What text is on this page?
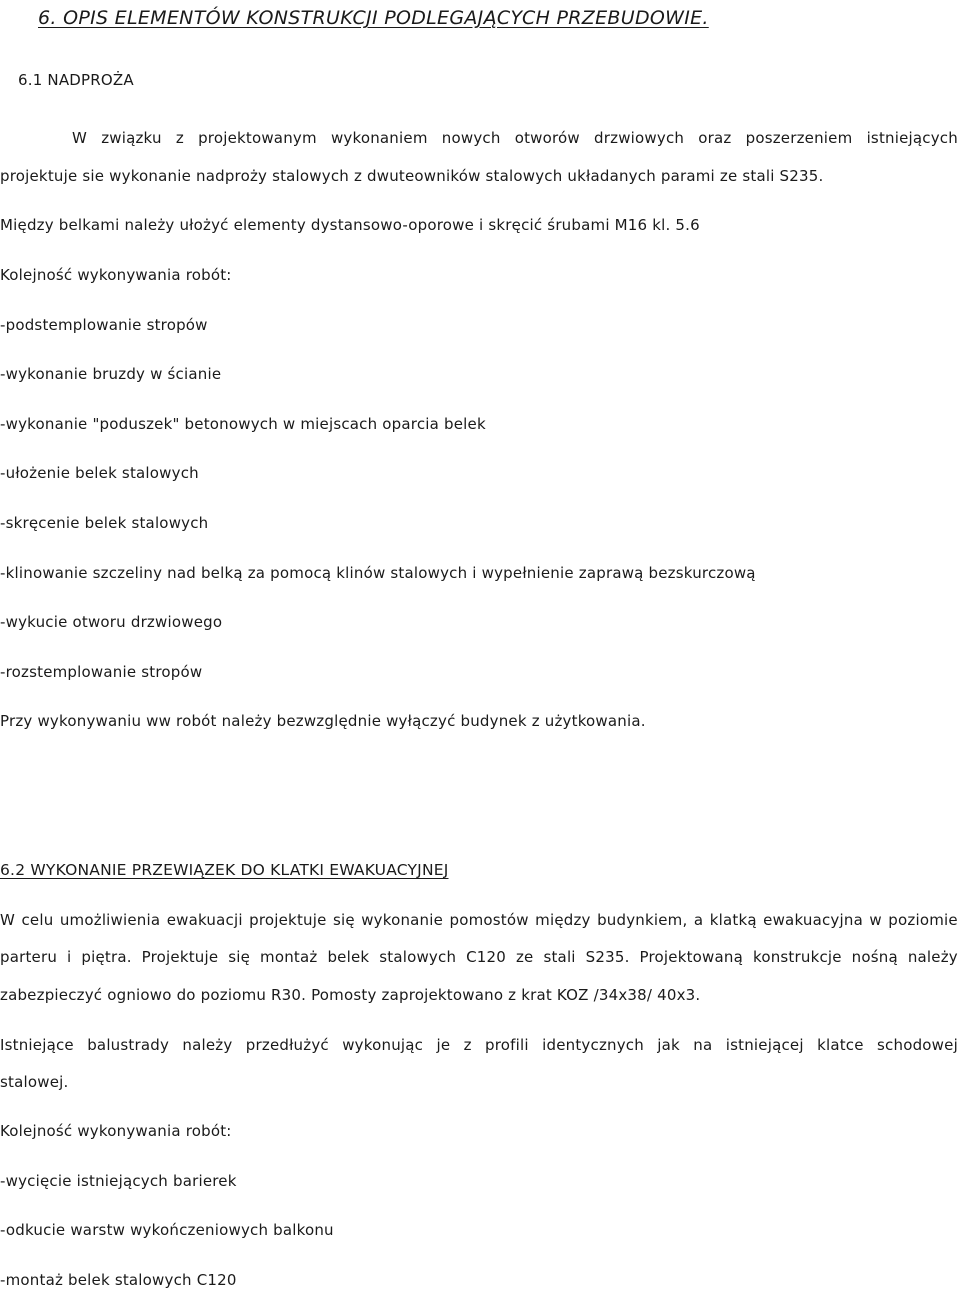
6. OPIS ELEMENTÓW KONSTRUKCJI PODLEGAJĄCYCH PRZEBUDOWIE.
6.1 NADPROŻA
W związku z projektowanym wykonaniem nowych otworów drzwiowych oraz poszerzeniem istniejących
projektuje sie wykonanie nadproży stalowych z dwuteowników stalowych układanych parami ze stali S235.
Między belkami należy ułożyć elementy dystansowo-oporowe i skręcić śrubami M16 kl. 5.6
Kolejność wykonywania robót:
-podstemplowanie stropów
-wykonanie bruzdy w ścianie
-wykonanie "poduszek" betonowych w miejscach oparcia belek
-ułożenie belek stalowych
-skręcenie belek stalowych
-klinowanie szczeliny nad belką za pomocą klinów stalowych i wypełnienie zaprawą bezskurczową
-wykucie otworu drzwiowego
-rozstemplowanie stropów
Przy wykonywaniu ww robót należy bezwzględnie wyłączyć budynek z użytkowania.
6.2 WYKONANIE PRZEWIĄZEK DO KLATKI EWAKUACYJNEJ
W celu umożliwienia ewakuacji projektuje się wykonanie pomostów między budynkiem, a klatką ewakuacyjna w poziomie
parteru i piętra. Projektuje się montaż belek stalowych C120 ze stali S235. Projektowaną konstrukcje nośną należy
zabezpieczyć ogniowo do poziomu R30. Pomosty zaprojektowano z krat KOZ /34x38/ 40x3.
Istniejące balustrady należy przedłużyć wykonując je z profili identycznych jak na istniejącej klatce schodowej
stalowej.
Kolejność wykonywania robót:
-wycięcie istniejących barierek
-odkucie warstw wykończeniowych balkonu
-montaż belek stalowych C120
